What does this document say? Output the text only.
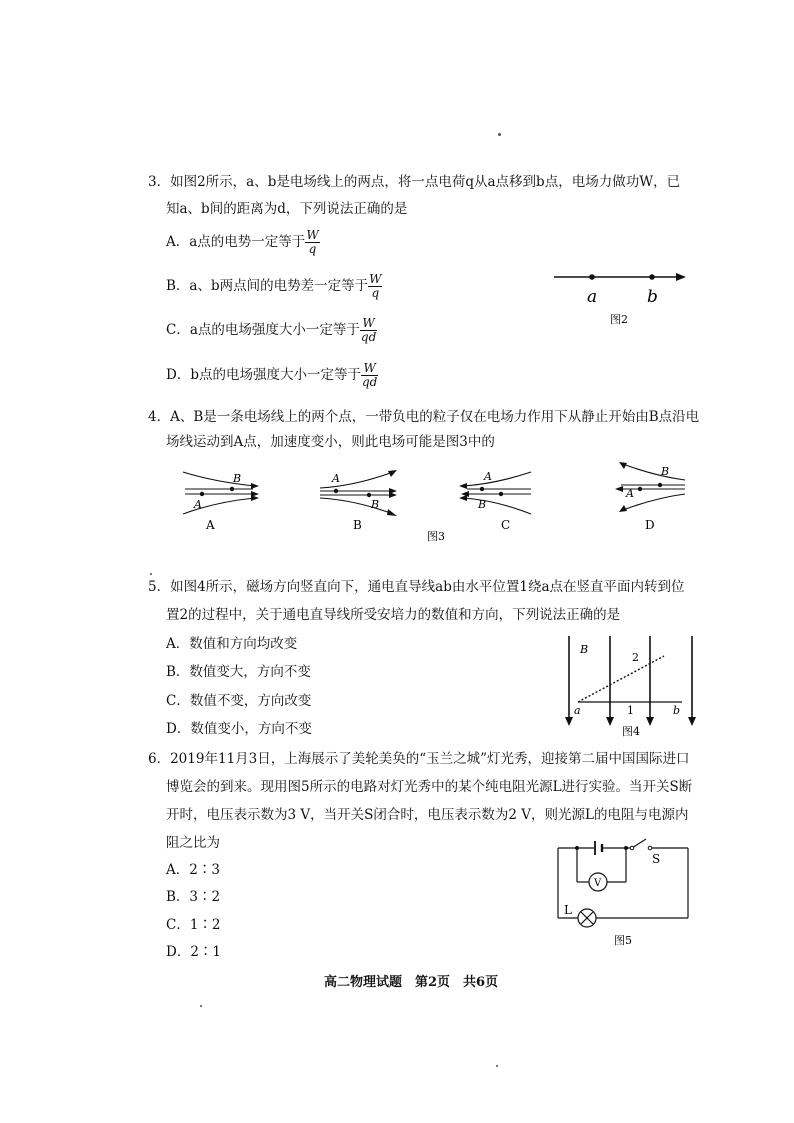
3．如图2所示，a、b是电场线上的两点，将一点电荷q从a点移到b点，电场力做功W，已
知a、b间的距离为d，下列说法正确的是
A．a点的电势一定等于 $\frac{W}{q}$
B．a、b两点间的电势差一定等于 $\frac{W}{q}$
C．a点的电场强度大小一定等于 $\frac{W}{qd}$
D．b点的电场强度大小一定等于 $\frac{W}{qd}$
a	b
图2
4．A、B是一条电场线上的两个点，一带负电的粒子仅在电场力作用下从静止开始由B点沿电
场线运动到A点，加速度变小，则此电场可能是图3中的
B
A
A
A
B
B
A
B
C
B
A
D
图3
5．如图4所示，磁场方向竖直向下，通电直导线ab由水平位置1绕a点在竖直平面内转到位
置2的过程中，关于通电直导线所受安培力的数值和方向，下列说法正确的是
A．数值和方向均改变
B．数值变大，方向不变
C．数值不变，方向改变
D．数值变小，方向不变
B
2
1
a	b
图4
6．2019年11月3日，上海展示了美轮美奂的“玉兰之城”灯光秀，迎接第二届中国国际进口
博览会的到来。现用图5所示的电路对灯光秀中的某个纯电阻光源L进行实验。当开关S断
开时，电压表示数为3 V，当开关S闭合时，电压表示数为2 V，则光源L的电阻与电源内
阻之比为
A．2∶3
B．3∶2
C．1∶2
D．2∶1
S
V
L
图5
高二物理试题　第2页　共6页
